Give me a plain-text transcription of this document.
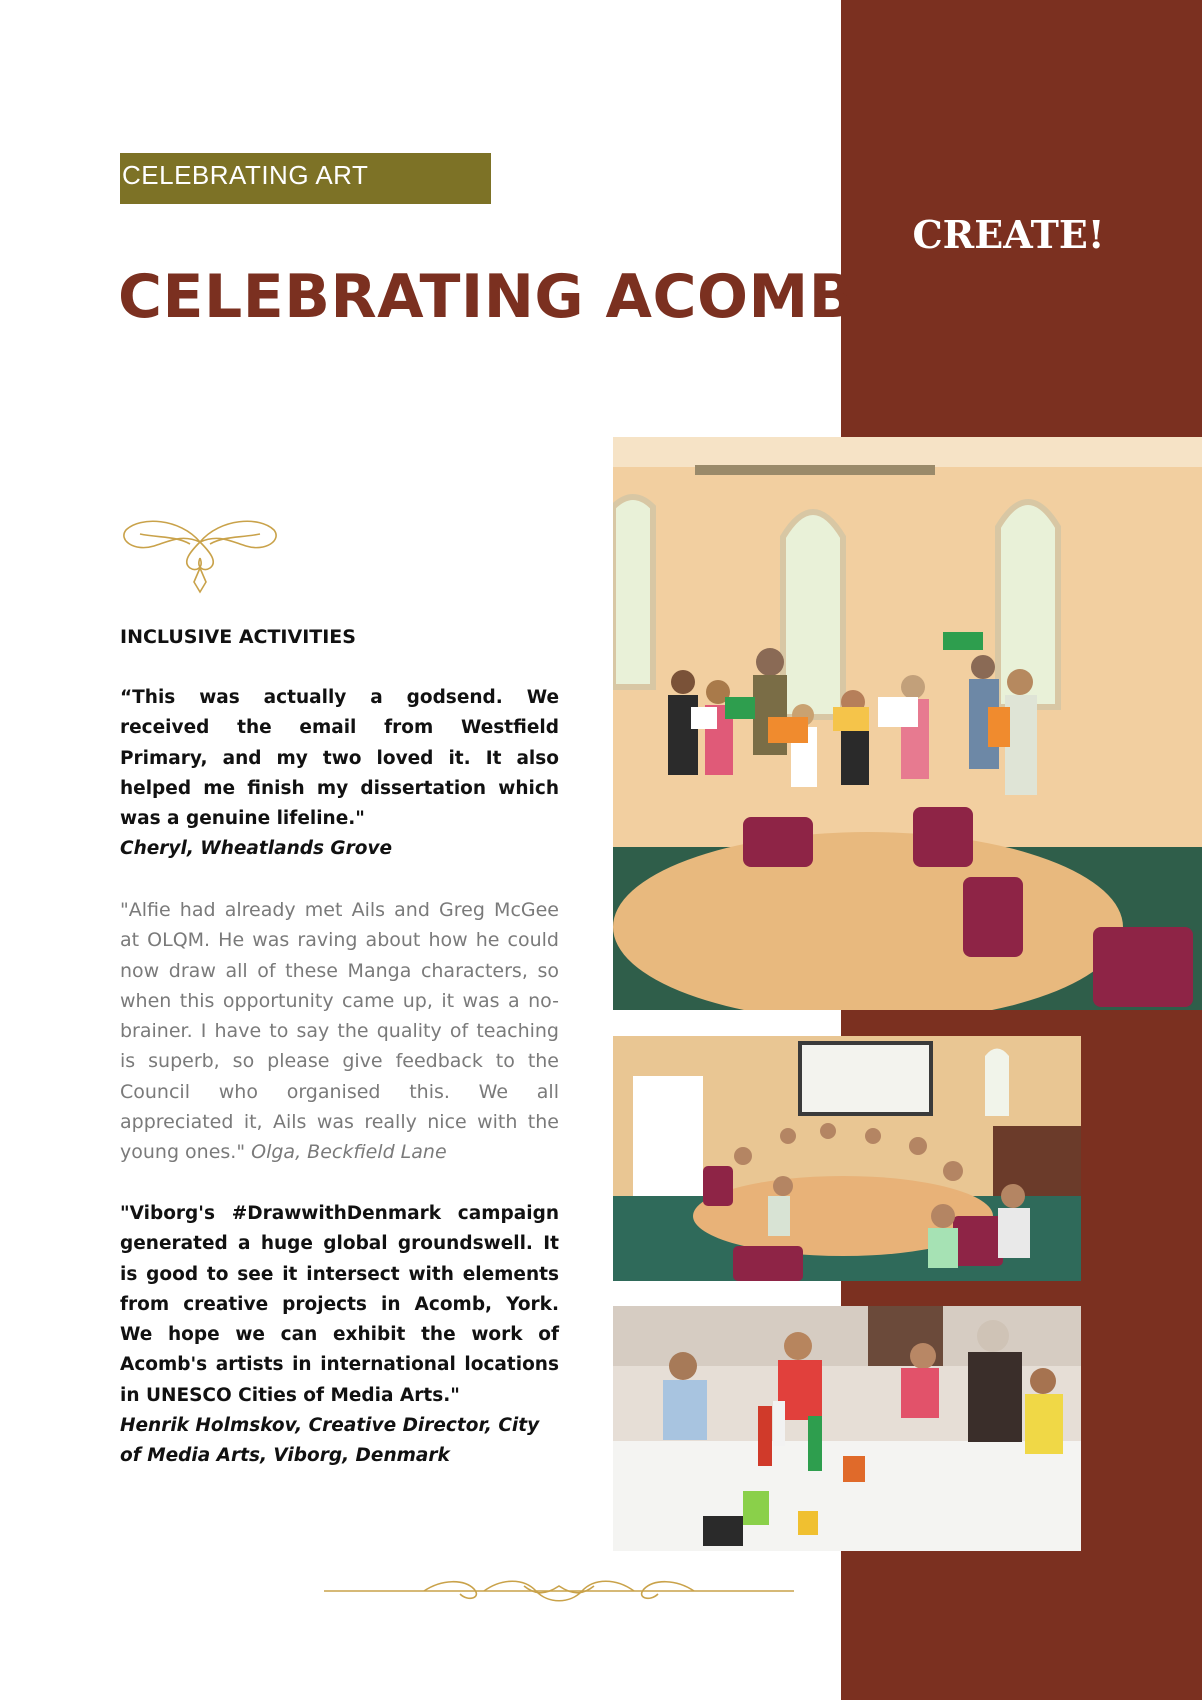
CREATE!
CELEBRATING ART
CELEBRATING ACOMB
INCLUSIVE ACTIVITIES

“This was actually a godsend. We received the email from Westfield Primary, and my two loved it. It also helped me finish my dissertation which was a genuine lifeline."
Cheryl, Wheatlands Grove

"Alfie had already met Ails and Greg McGee at OLQM. He was raving about how he could now draw all of these Manga characters, so when this opportunity came up, it was a no-brainer. I have to say the quality of teaching is superb, so please give feedback to the Council who organised this. We all appreciated it, Ails was really nice with the young ones." Olga, Beckfield Lane

"Viborg's #DrawwithDenmark campaign generated a huge global groundswell. It is good to see it intersect with elements from creative projects in Acomb, York. We hope we can exhibit the work of Acomb's artists in international locations in UNESCO Cities of Media Arts."
Henrik Holmskov, Creative Director, City of Media Arts, Viborg, Denmark
